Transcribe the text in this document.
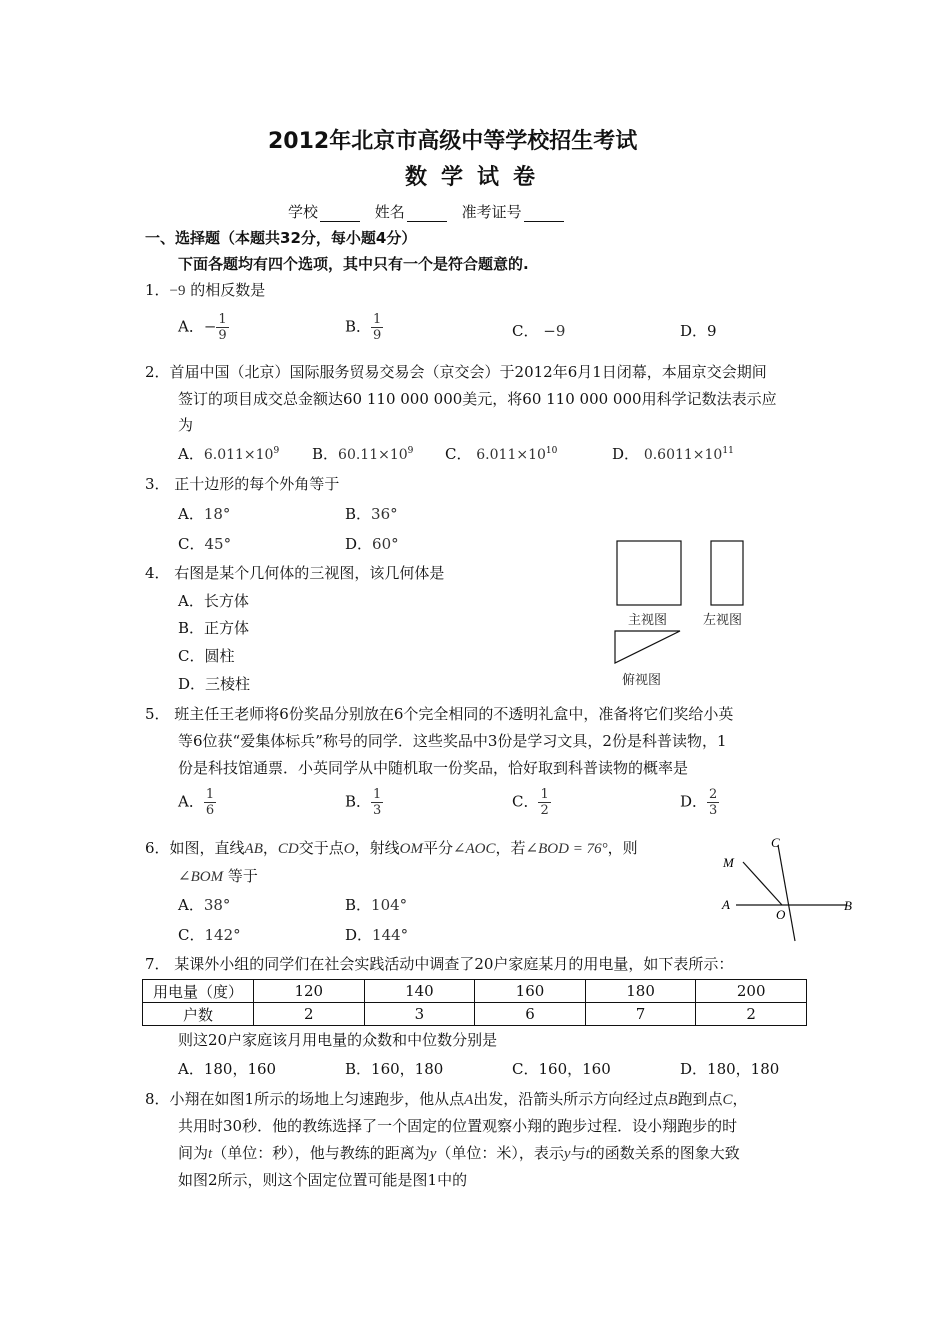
2012年北京市高级中等学校招生考试
数学试卷
学校	姓名	准考证号
一、选择题（本题共32分，每小题4分）
下面各题均有四个选项，其中只有一个是符合题意的.
1．−9 的相反数是
A．− $\frac{1}{9}$	B． $\frac{1}{9}$	C． −9	D．9
2．首届中国（北京）国际服务贸易交易会（京交会）于2012年6月1日闭幕，本届京交会期间
签订的项目成交总金额达60 110 000 000美元，将60 110 000 000用科学记数法表示应
为
A．$6.011\times 10^9$ B．$60.11\times 10^9$ C． $6.011\times 10^{10}$	D． $0.6011\times 10^{11}$
3． 正十边形的每个外角等于
A．18°	B．36°
C．45°	D．60°
4． 右图是某个几何体的三视图，该几何体是
A．长方体
B．正方体
C．圆柱
D．三棱柱
主视图	左视图
俯视图
5． 班主任王老师将6份奖品分别放在6个完全相同的不透明礼盒中，准备将它们奖给小英
等6位获“爱集体标兵”称号的同学．这些奖品中3份是学习文具，2份是科普读物，1
份是科技馆通票．小英同学从中随机取一份奖品，恰好取到科普读物的概率是
A． $\frac{1}{6}$	B． $\frac{1}{3}$	C． $\frac{1}{2}$	D． $\frac{2}{3}$
6．如图，直线AB，CD交于点O，射线OM平分∠AOC，若∠BOD = 76°，则
∠BOM 等于
A．38°	B．104°
C．142°	D．144°
C
M
A
O
B
7． 某课外小组的同学们在社会实践活动中调查了20户家庭某月的用电量，如下表所示：
用电量（度）	120	140	160	180	200
户数	2	3	6	7	2
则这20户家庭该月用电量的众数和中位数分别是
A．180，160	B．160，180	C．160，160	D．180，180
8．小翔在如图1所示的场地上匀速跑步，他从点A出发，沿箭头所示方向经过点B跑到点C，
共用时30秒．他的教练选择了一个固定的位置观察小翔的跑步过程．设小翔跑步的时
间为t（单位：秒），他与教练的距离为y（单位：米），表示y与t的函数关系的图象大致
如图2所示，则这个固定位置可能是图1中的
